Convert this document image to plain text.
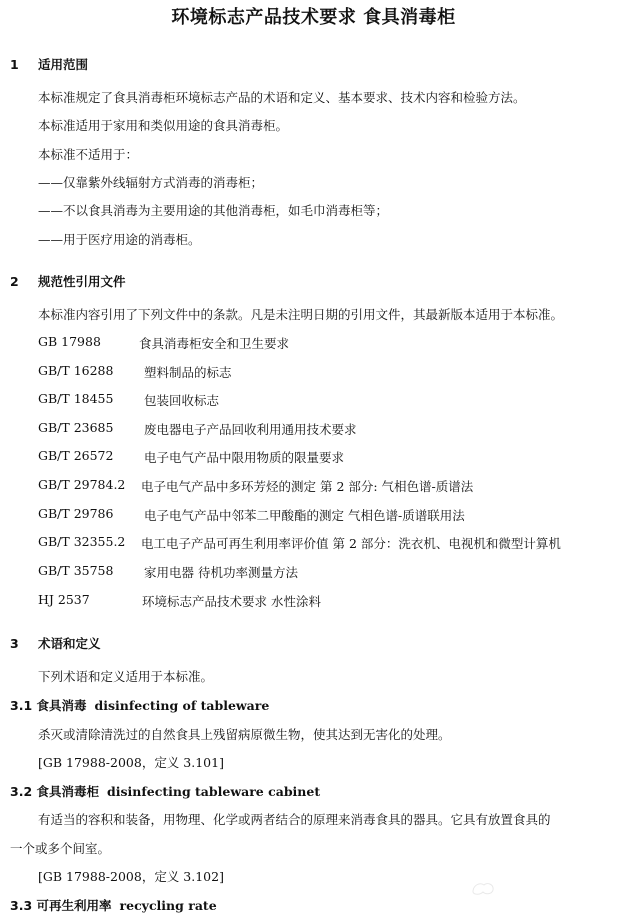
环境标志产品技术要求 食具消毒柜
1 适用范围
本标准规定了食具消毒柜环境标志产品的术语和定义、基本要求、技术内容和检验方法。
本标准适用于家用和类似用途的食具消毒柜。
本标准不适用于：
——仅靠紫外线辐射方式消毒的消毒柜；
——不以食具消毒为主要用途的其他消毒柜，如毛巾消毒柜等；
——用于医疗用途的消毒柜。
2 规范性引用文件
本标准内容引用了下列文件中的条款。凡是未注明日期的引用文件，其最新版本适用于本标准。
GB 17988	食具消毒柜安全和卫生要求
GB/T 16288 塑料制品的标志
GB/T 18455 包装回收标志
GB/T 23685 废电器电子产品回收利用通用技术要求
GB/T 26572 电子电气产品中限用物质的限量要求
GB/T 29784.2 电子电气产品中多环芳烃的测定 第 2 部分: 气相色谱-质谱法
GB/T 29786 电子电气产品中邻苯二甲酸酯的测定 气相色谱-质谱联用法
GB/T 32355.2 电工电子产品可再生利用率评价值 第 2 部分：洗衣机、电视机和微型计算机
GB/T 35758 家用电器 待机功率测量方法
HJ 2537	环境标志产品技术要求 水性涂料
3 术语和定义
下列术语和定义适用于本标准。
3.1 食具消毒 disinfecting of tableware
杀灭或清除清洗过的自然食具上残留病原微生物，使其达到无害化的处理。
[GB 17988-2008，定义 3.101]
3.2 食具消毒柜 disinfecting tableware cabinet
有适当的容积和装备，用物理、化学或两者结合的原理来消毒食具的器具。它具有放置食具的
一个或多个间室。
[GB 17988-2008，定义 3.102]
3.3 可再生利用率 recycling rate
